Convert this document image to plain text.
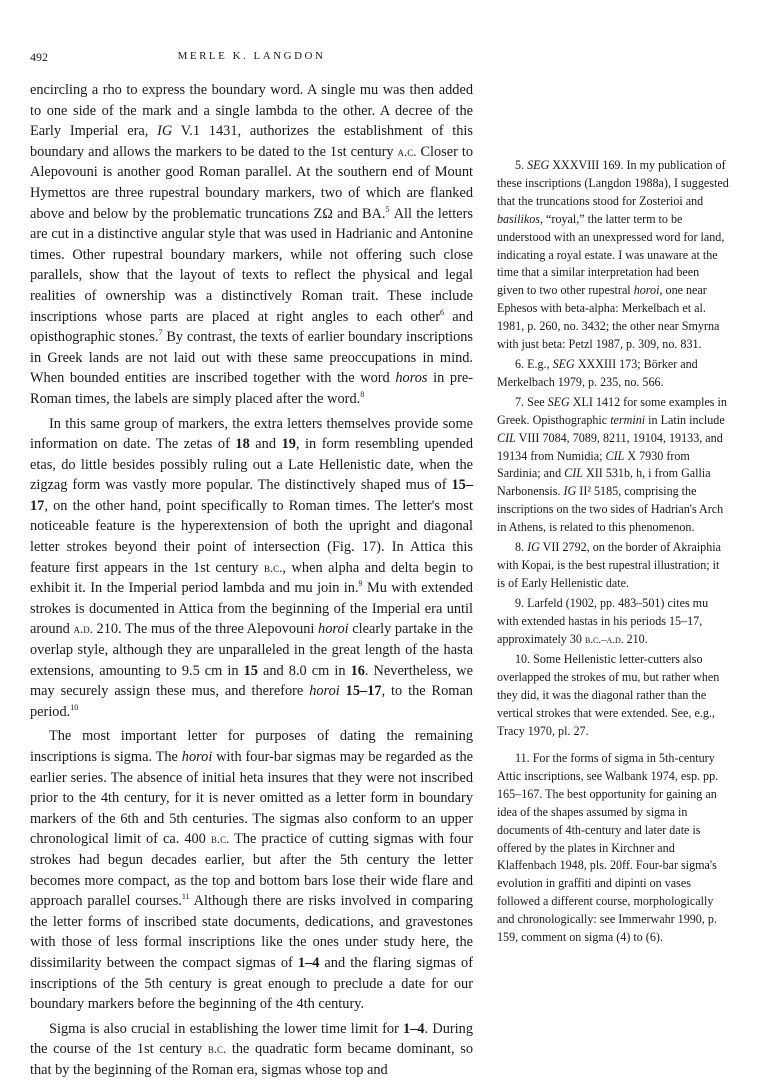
492	MERLE K. LANGDON

encircling a rho to express the boundary word. A single mu was then added to one side of the mark and a single lambda to the other. A decree of the Early Imperial era, IG V.1 1431, authorizes the establishment of this boundary and allows the markers to be dated to the 1st century a.c. Closer to Alepovouni is another good Roman parallel. At the southern end of Mount Hymettos are three rupestral boundary markers, two of which are flanked above and below by the problematic truncations ΖΩ and ΒΑ.$^5$ All the letters are cut in a distinctive angular style that was used in Hadrianic and Antonine times. Other rupestral boundary markers, while not offering such close parallels, show that the layout of texts to reflect the physical and legal realities of ownership was a distinctively Roman trait. These include inscriptions whose parts are placed at right angles to each other$^6$ and opisthographic stones.$^7$ By contrast, the texts of earlier boundary inscriptions in Greek lands are not laid out with these same preoccupations in mind. When bounded entities are inscribed together with the word horos in pre-Roman times, the labels are simply placed after the word.$^8$

In this same group of markers, the extra letters themselves provide some information on date. The zetas of 18 and 19, in form resembling upended etas, do little besides possibly ruling out a Late Hellenistic date, when the zigzag form was vastly more popular. The distinctively shaped mus of 15–17, on the other hand, point specifically to Roman times. The letter's most noticeable feature is the hyperextension of both the upright and diagonal letter strokes beyond their point of intersection (Fig. 17). In Attica this feature first appears in the 1st century b.c., when alpha and delta begin to exhibit it. In the Imperial period lambda and mu join in.$^9$ Mu with extended strokes is documented in Attica from the beginning of the Imperial era until around a.d. 210. The mus of the three Alepovouni horoi clearly partake in the overlap style, although they are unparalleled in the great length of the hasta extensions, amounting to 9.5 cm in 15 and 8.0 cm in 16. Nevertheless, we may securely assign these mus, and therefore horoi 15–17, to the Roman period.$^{10}$

The most important letter for purposes of dating the remaining inscriptions is sigma. The horoi with four-bar sigmas may be regarded as the earlier series. The absence of initial heta insures that they were not inscribed prior to the 4th century, for it is never omitted as a letter form in boundary markers of the 6th and 5th centuries. The sigmas also conform to an upper chronological limit of ca. 400 b.c. The practice of cutting sigmas with four strokes had begun decades earlier, but after the 5th century the letter becomes more compact, as the top and bottom bars lose their wide flare and approach parallel courses.$^{11}$ Although there are risks involved in comparing the letter forms of inscribed state documents, dedications, and gravestones with those of less formal inscriptions like the ones under study here, the dissimilarity between the compact sigmas of 1–4 and the flaring sigmas of inscriptions of the 5th century is great enough to preclude a date for our boundary markers before the beginning of the 4th century.

Sigma is also crucial in establishing the lower time limit for 1–4. During the course of the 1st century b.c. the quadratic form became dominant, so that by the beginning of the Roman era, sigmas whose top and

5. SEG XXXVIII 169. In my publication of these inscriptions (Langdon 1988a), I suggested that the truncations stood for Zosterioi and basilikos, “royal,” the latter term to be understood with an unexpressed word for land, indicating a royal estate. I was unaware at the time that a similar interpretation had been given to two other rupestral horoi, one near Ephesos with beta-alpha: Merkelbach et al. 1981, p. 260, no. 3432; the other near Smyrna with just beta: Petzl 1987, p. 309, no. 831.

6. E.g., SEG XXXIII 173; Börker and Merkelbach 1979, p. 235, no. 566.

7. See SEG XLI 1412 for some examples in Greek. Opisthographic termini in Latin include CIL VIII 7084, 7089, 8211, 19104, 19133, and 19134 from Numidia; CIL X 7930 from Sardinia; and CIL XII 531b, h, i from Gallia Narbonensis. IG II² 5185, comprising the inscriptions on the two sides of Hadrian's Arch in Athens, is related to this phenomenon.

8. IG VII 2792, on the border of Akraiphia with Kopai, is the best rupestral illustration; it is of Early Hellenistic date.

9. Larfeld (1902, pp. 483–501) cites mu with extended hastas in his periods 15–17, approximately 30 b.c.–a.d. 210.

10. Some Hellenistic letter-cutters also overlapped the strokes of mu, but rather when they did, it was the diagonal rather than the vertical strokes that were extended. See, e.g., Tracy 1970, pl. 27.

11. For the forms of sigma in 5th-century Attic inscriptions, see Walbank 1974, esp. pp. 165–167. The best opportunity for gaining an idea of the shapes assumed by sigma in documents of 4th-century and later date is offered by the plates in Kirchner and Klaffenbach 1948, pls. 20ff. Four-bar sigma's evolution in graffiti and dipinti on vases followed a different course, morphologically and chronologically: see Immerwahr 1990, p. 159, comment on sigma (4) to (6).
